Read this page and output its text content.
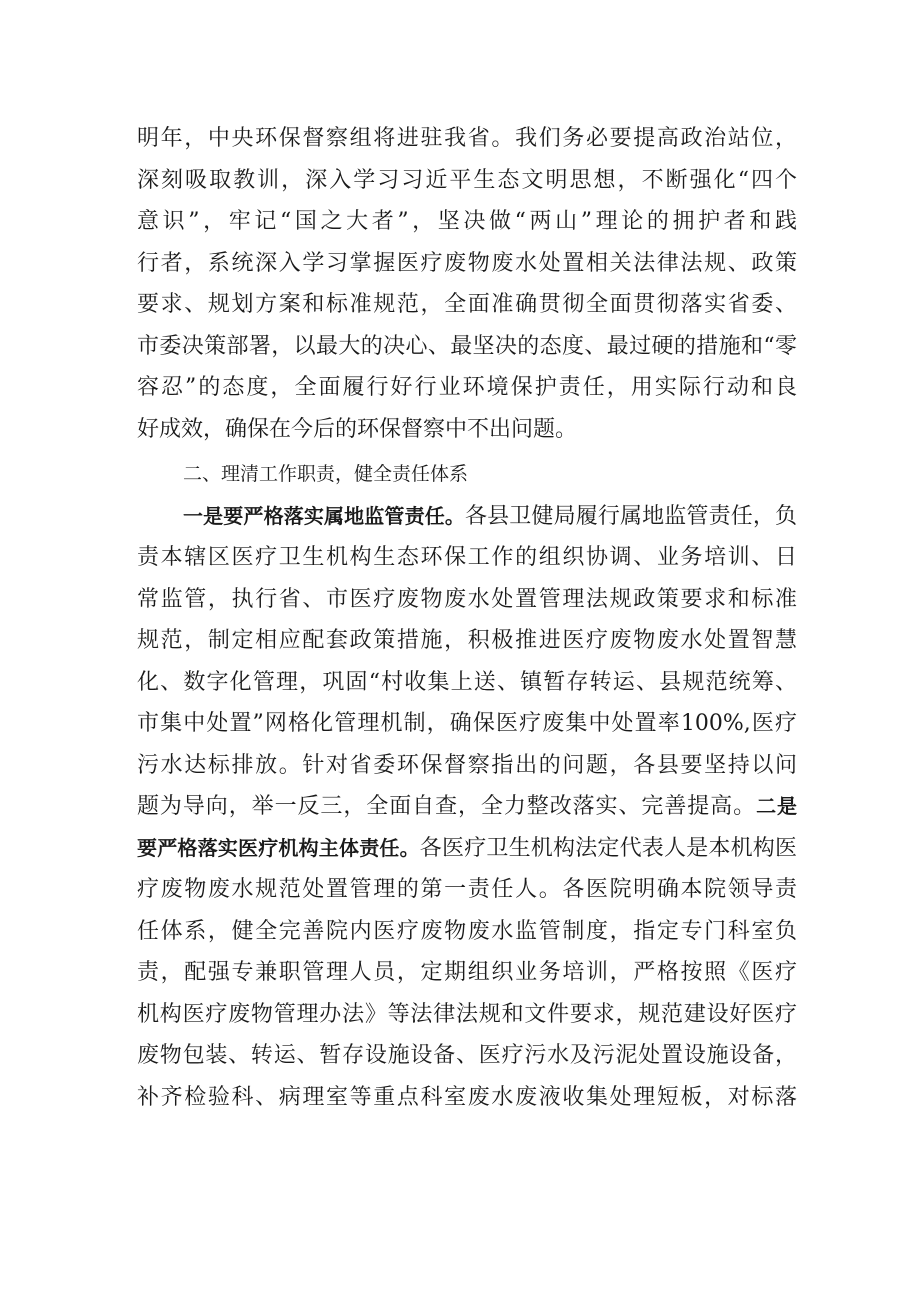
明年，中央环保督察组将进驻我省。我们务必要提高政治站位，
深刻吸取教训，深入学习习近平生态文明思想，不断强化“四个
意识”，牢记“国之大者”，坚决做“两山”理论的拥护者和践
行者，系统深入学习掌握医疗废物废水处置相关法律法规、政策
要求、规划方案和标准规范，全面准确贯彻全面贯彻落实省委、
市委决策部署，以最大的决心、最坚决的态度、最过硬的措施和“零
容忍”的态度，全面履行好行业环境保护责任，用实际行动和良
好成效，确保在今后的环保督察中不出问题。
二、理清工作职责，健全责任体系
一是要严格落实属地监管责任。各县卫健局履行属地监管责任，负
责本辖区医疗卫生机构生态环保工作的组织协调、业务培训、日
常监管，执行省、市医疗废物废水处置管理法规政策要求和标准
规范，制定相应配套政策措施，积极推进医疗废物废水处置智慧
化、数字化管理，巩固“村收集上送、镇暂存转运、县规范统筹、
市集中处置”网格化管理机制，确保医疗废集中处置率100%,医疗
污水达标排放。针对省委环保督察指出的问题，各县要坚持以问
题为导向，举一反三，全面自查，全力整改落实、完善提高。二是
要严格落实医疗机构主体责任。各医疗卫生机构法定代表人是本机构医
疗废物废水规范处置管理的第一责任人。各医院明确本院领导责
任体系，健全完善院内医疗废物废水监管制度，指定专门科室负
责，配强专兼职管理人员，定期组织业务培训，严格按照《医疗
机构医疗废物管理办法》等法律法规和文件要求，规范建设好医疗
废物包装、转运、暂存设施设备、医疗污水及污泥处置设施设备，
补齐检验科、病理室等重点科室废水废液收集处理短板，对标落
